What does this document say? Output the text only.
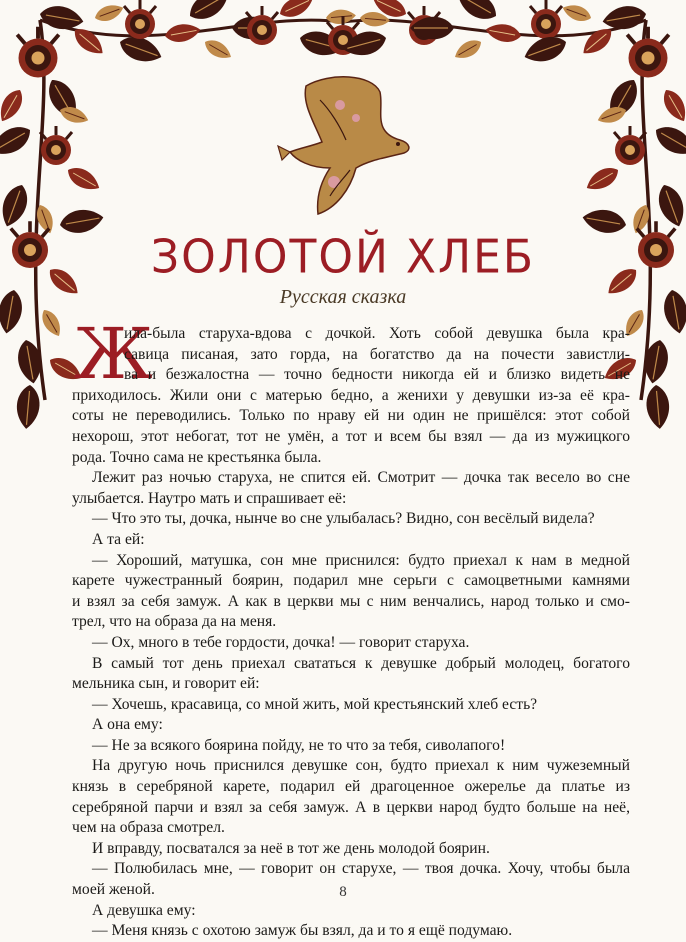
ЗОЛОТОЙ ХЛЕБ
Русская сказка
Ж
ила-была старуха-вдова с дочкой. Хоть собой девушка была кра-
савица писаная, зато горда, на богатство да на почести завистли-
ва и безжалостна — точно бедности никогда ей и близко видеть не
приходилось. Жили они с матерью бедно, а женихи у девушки из-за её кра-
соты не переводились. Только по нраву ей ни один не пришёлся: этот собой
нехорош, этот небогат, тот не умён, а тот и всем бы взял — да из мужицкого
рода. Точно сама не крестьянка была.
Лежит раз ночью старуха, не спится ей. Смотрит — дочка так весело во сне
улыбается. Наутро мать и спрашивает её:
— Что это ты, дочка, нынче во сне улыбалась? Видно, сон весёлый видела?
А та ей:
— Хороший, матушка, сон мне приснился: будто приехал к нам в медной
карете чужестранный боярин, подарил мне серьги с самоцветными камнями
и взял за себя замуж. А как в церкви мы с ним венчались, народ только и смо-
трел, что на образа да на меня.
— Ох, много в тебе гордости, дочка! — говорит старуха.
В самый тот день приехал свататься к девушке добрый молодец, богатого
мельника сын, и говорит ей:
— Хочешь, красавица, со мной жить, мой крестьянский хлеб есть?
А она ему:
— Не за всякого боярина пойду, не то что за тебя, сиволапого!
На другую ночь приснился девушке сон, будто приехал к ним чужеземный
князь в серебряной карете, подарил ей драгоценное ожерелье да платье из
серебряной парчи и взял за себя замуж. А в церкви народ будто больше на неё,
чем на образа смотрел.
И вправду, посватался за неё в тот же день молодой боярин.
— Полюбилась мне, — говорит он старухе, — твоя дочка. Хочу, чтобы была
моей женой.
А девушка ему:
— Меня князь с охотою замуж бы взял, да и то я ещё подумаю.
8
